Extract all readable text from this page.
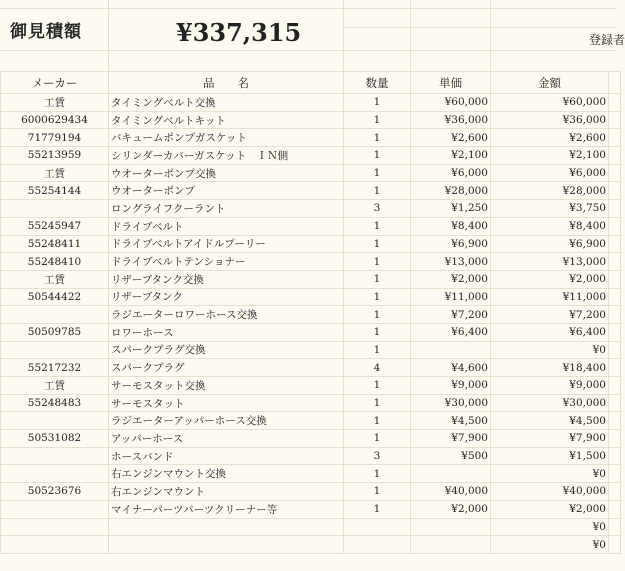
御見積額	¥337,315	登録者
メーカー	品　　名	数量	単価	金額	
工賃	タイミングベルト交換	1	¥60,000	¥60,000	
6000629434	タイミングベルトキット	1	¥36,000	¥36,000	
71779194	バキュームポンプガスケット	1	¥2,600	¥2,600	
55213959	シリンダーカバーガスケット　ＩＮ側	1	¥2,100	¥2,100	
工賃	ウオーターポンプ交換	1	¥6,000	¥6,000	
55254144	ウオーターポンプ	1	¥28,000	¥28,000	
	ロングライフクーラント	3	¥1,250	¥3,750	
55245947	ドライブベルト	1	¥8,400	¥8,400	
55248411	ドライブベルトアイドルプーリー	1	¥6,900	¥6,900	
55248410	ドライブベルトテンショナー	1	¥13,000	¥13,000	
工賃	リザーブタンク交換	1	¥2,000	¥2,000	
50544422	リザーブタンク	1	¥11,000	¥11,000	
	ラジエーターロワーホース交換	1	¥7,200	¥7,200	
50509785	ロワーホース	1	¥6,400	¥6,400	
	スパークプラグ交換	1		¥0	
55217232	スパークプラグ	4	¥4,600	¥18,400	
工賃	サーモスタット交換	1	¥9,000	¥9,000	
55248483	サーモスタット	1	¥30,000	¥30,000	
	ラジエーターアッパーホース交換	1	¥4,500	¥4,500	
50531082	アッパーホース	1	¥7,900	¥7,900	
	ホースバンド	3	¥500	¥1,500	
	右エンジンマウント交換	1		¥0	
50523676	右エンジンマウント	1	¥40,000	¥40,000	
	マイナーパーツパーツクリーナー等	1	¥2,000	¥2,000	
				¥0	
				¥0	
